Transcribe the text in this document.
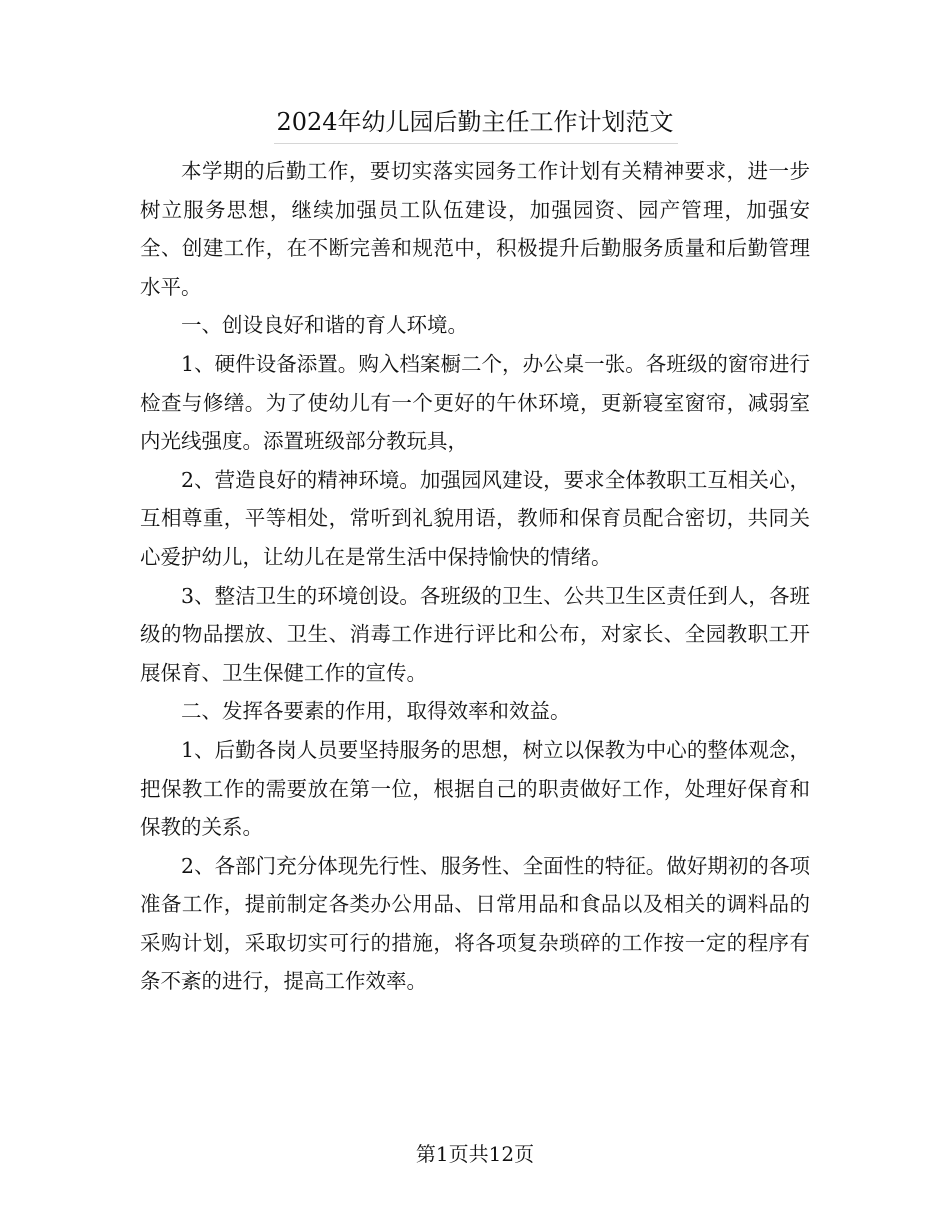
2024年幼儿园后勤主任工作计划范文

本学期的后勤工作，要切实落实园务工作计划有关精神要求，进一步树立服务思想，继续加强员工队伍建设，加强园资、园产管理，加强安全、创建工作，在不断完善和规范中，积极提升后勤服务质量和后勤管理水平。

一、创设良好和谐的育人环境。

1、硬件设备添置。购入档案橱二个，办公桌一张。各班级的窗帘进行检查与修缮。为了使幼儿有一个更好的午休环境，更新寝室窗帘，减弱室内光线强度。添置班级部分教玩具，

2、营造良好的精神环境。加强园风建设，要求全体教职工互相关心，互相尊重，平等相处，常听到礼貌用语，教师和保育员配合密切，共同关心爱护幼儿，让幼儿在是常生活中保持愉快的情绪。

3、整洁卫生的环境创设。各班级的卫生、公共卫生区责任到人，各班级的物品摆放、卫生、消毒工作进行评比和公布，对家长、全园教职工开展保育、卫生保健工作的宣传。

二、发挥各要素的作用，取得效率和效益。

1、后勤各岗人员要坚持服务的思想，树立以保教为中心的整体观念，把保教工作的需要放在第一位，根据自己的职责做好工作，处理好保育和保教的关系。

2、各部门充分体现先行性、服务性、全面性的特征。做好期初的各项准备工作，提前制定各类办公用品、日常用品和食品以及相关的调料品的采购计划，采取切实可行的措施，将各项复杂琐碎的工作按一定的程序有条不紊的进行，提高工作效率。

第1页共12页
